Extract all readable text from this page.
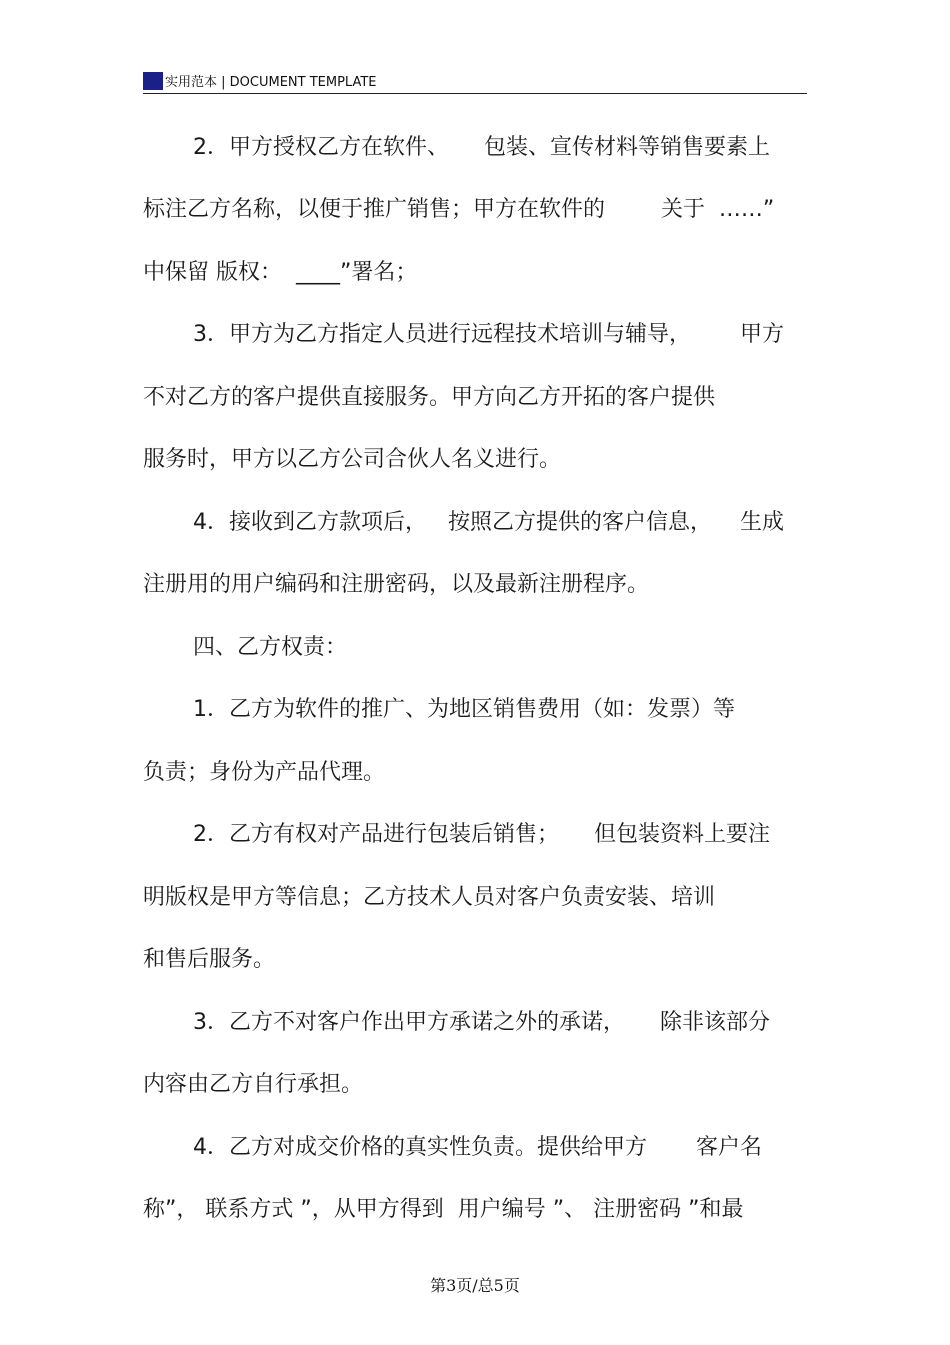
实用范本 | DOCUMENT TEMPLATE
2．甲方授权乙方在软件、     包装、宣传材料等销售要素上
标注乙方名称，以便于推广销售；甲方在软件的        关于  ……”
中保留 版权：  ____”署名；
3．甲方为乙方指定人员进行远程技术培训与辅导，       甲方
不对乙方的客户提供直接服务。甲方向乙方开拓的客户提供
服务时，甲方以乙方公司合伙人名义进行。
4．接收到乙方款项后，   按照乙方提供的客户信息，    生成
注册用的用户编码和注册密码，以及最新注册程序。
四、乙方权责：
1．乙方为软件的推广、为地区销售费用（如：发票）等
负责；身份为产品代理。
2．乙方有权对产品进行包装后销售；     但包装资料上要注
明版权是甲方等信息；乙方技术人员对客户负责安装、培训
和售后服务。
3．乙方不对客户作出甲方承诺之外的承诺，     除非该部分
内容由乙方自行承担。
4．乙方对成交价格的真实性负责。提供给甲方       客户名
称”， 联系方式 ”，从甲方得到  用户编号 ”、 注册密码 ”和最
第3页/总5页
